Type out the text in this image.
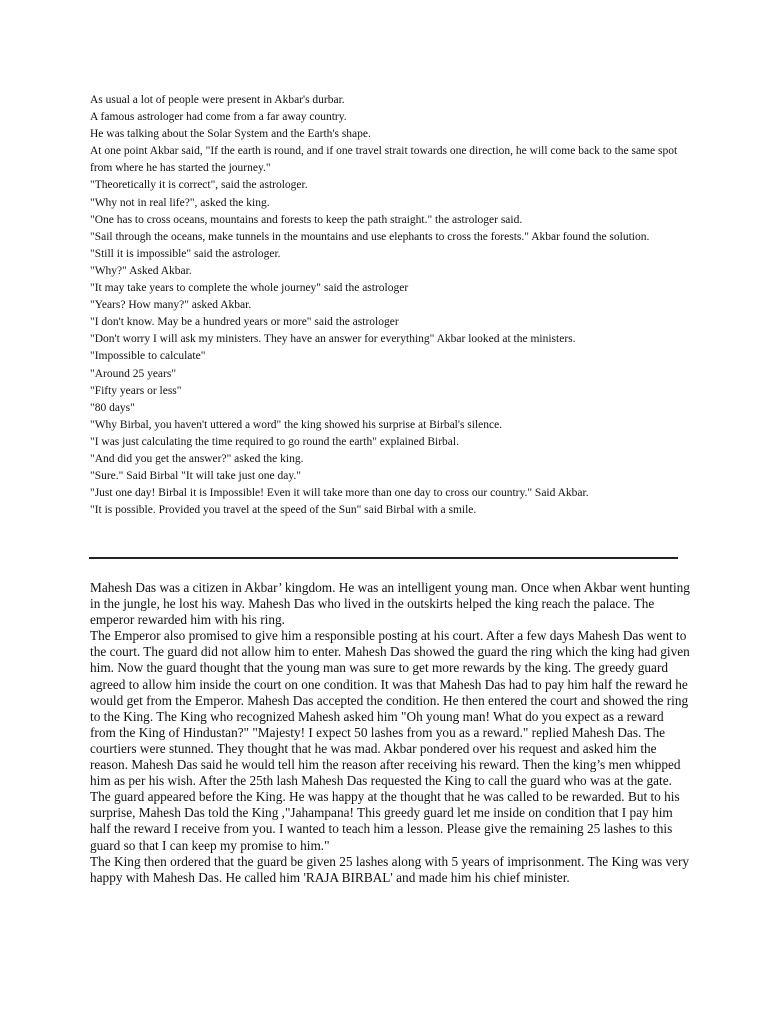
As usual a lot of people were present in Akbar's durbar.

A famous astrologer had come from a far away country.

He was talking about the Solar System and the Earth's shape.

At one point Akbar said, "If the earth is round, and if one travel strait towards one direction, he will come back to the same spot from where he has started the journey."

"Theoretically it is correct", said the astrologer.

"Why not in real life?", asked the king.

"One has to cross oceans, mountains and forests to keep the path straight." the astrologer said.

"Sail through the oceans, make tunnels in the mountains and use elephants to cross the forests." Akbar found the solution.

"Still it is impossible" said the astrologer.

"Why?" Asked Akbar.

"It may take years to complete the whole journey" said the astrologer

"Years? How many?" asked Akbar.

"I don't know. May be a hundred years or more" said the astrologer

"Don't worry I will ask my ministers. They have an answer for everything" Akbar looked at the ministers.

"Impossible to calculate"

"Around 25 years"

"Fifty years or less"

"80 days"

"Why Birbal, you haven't uttered a word" the king showed his surprise at Birbal's silence.

"I was just calculating the time required to go round the earth" explained Birbal.

"And did you get the answer?" asked the king.

"Sure." Said Birbal "It will take just one day."

"Just one day! Birbal it is Impossible! Even it will take more than one day to cross our country." Said Akbar.

"It is possible. Provided you travel at the speed of the Sun" said Birbal with a smile.

Mahesh Das was a citizen in Akbar’ kingdom. He was an intelligent young man. Once when Akbar went hunting in the jungle, he lost his way. Mahesh Das who lived in the outskirts helped the king reach the palace. The emperor rewarded him with his ring.

The Emperor also promised to give him a responsible posting at his court. After a few days Mahesh Das went to the court. The guard did not allow him to enter. Mahesh Das showed the guard the ring which the king had given him. Now the guard thought that the young man was sure to get more rewards by the king. The greedy guard agreed to allow him inside the court on one condition. It was that Mahesh Das had to pay him half the reward he would get from the Emperor. Mahesh Das accepted the condition. He then entered the court and showed the ring to the King. The King who recognized Mahesh asked him "Oh young man! What do you expect as a reward from the King of Hindustan?" "Majesty! I expect 50 lashes from you as a reward." replied Mahesh Das. The courtiers were stunned. They thought that he was mad. Akbar pondered over his request and asked him the reason. Mahesh Das said he would tell him the reason after receiving his reward. Then the king’s men whipped him as per his wish. After the 25th lash Mahesh Das requested the King to call the guard who was at the gate. The guard appeared before the King. He was happy at the thought that he was called to be rewarded. But to his surprise, Mahesh Das told the King ,"Jahampana! This greedy guard let me inside on condition that I pay him half the reward I receive from you. I wanted to teach him a lesson. Please give the remaining 25 lashes to this guard so that I can keep my promise to him."

The King then ordered that the guard be given 25 lashes along with 5 years of imprisonment. The King was very happy with Mahesh Das. He called him 'RAJA BIRBAL' and made him his chief minister.
